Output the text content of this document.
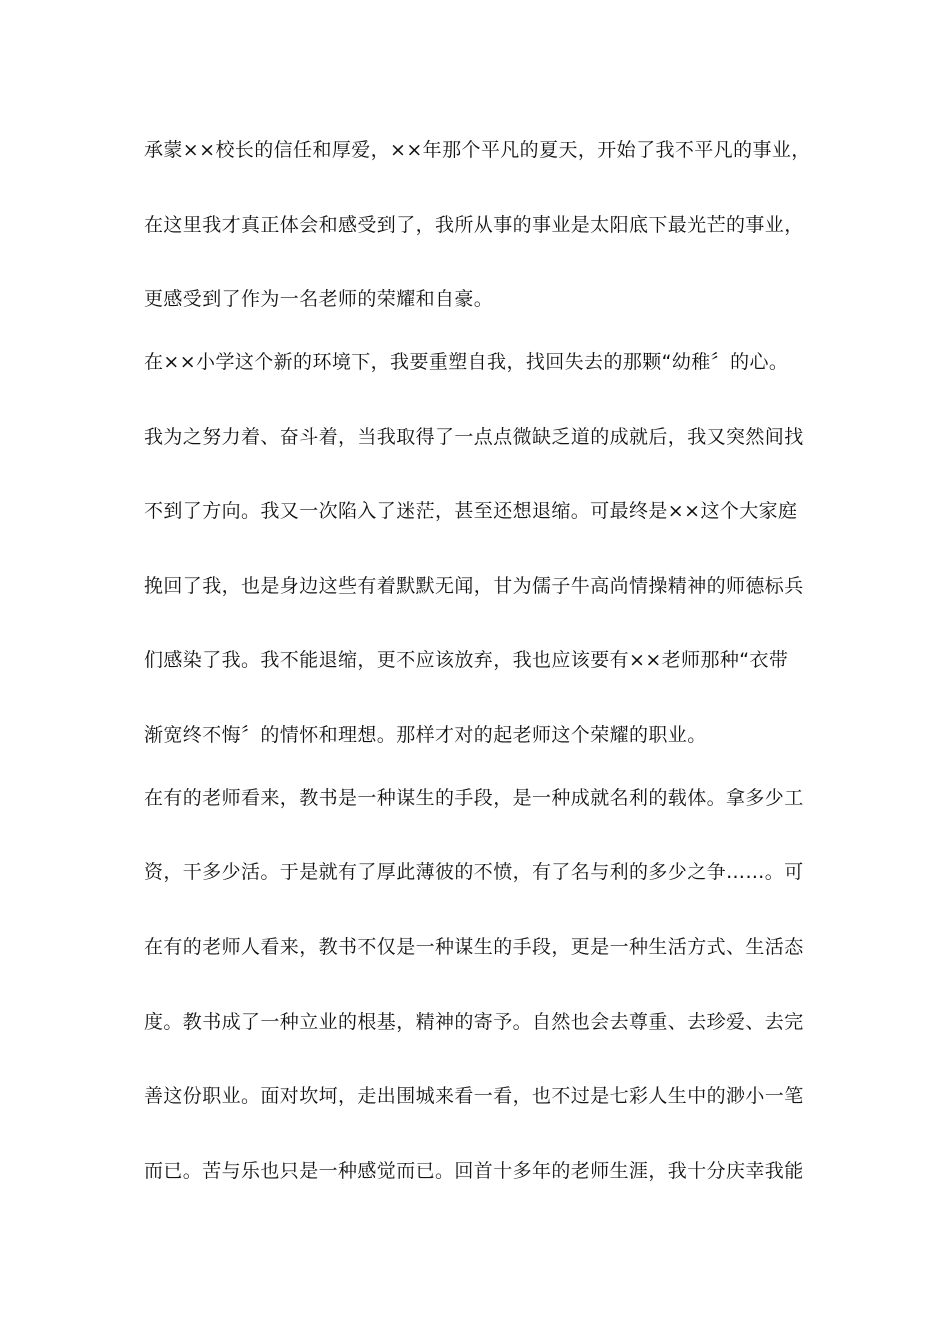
承蒙××校长的信任和厚爱，××年那个平凡的夏天，开始了我不平凡的事业，
在这里我才真正体会和感受到了，我所从事的事业是太阳底下最光芒的事业，
更感受到了作为一名老师的荣耀和自豪。
在××小学这个新的环境下，我要重塑自我，找回失去的那颗“幼稚〞的心。
我为之努力着、奋斗着，当我取得了一点点微缺乏道的成就后，我又突然间找
不到了方向。我又一次陷入了迷茫，甚至还想退缩。可最终是××这个大家庭
挽回了我，也是身边这些有着默默无闻，甘为儒子牛高尚情操精神的师德标兵
们感染了我。我不能退缩，更不应该放弃，我也应该要有××老师那种“衣带
渐宽终不悔〞的情怀和理想。那样才对的起老师这个荣耀的职业。
在有的老师看来，教书是一种谋生的手段，是一种成就名利的载体。拿多少工
资，干多少活。于是就有了厚此薄彼的不愤，有了名与利的多少之争……。可
在有的老师人看来，教书不仅是一种谋生的手段，更是一种生活方式、生活态
度。教书成了一种立业的根基，精神的寄予。自然也会去尊重、去珍爱、去完
善这份职业。面对坎坷，走出围城来看一看，也不过是七彩人生中的渺小一笔
而已。苦与乐也只是一种感觉而已。回首十多年的老师生涯，我十分庆幸我能
